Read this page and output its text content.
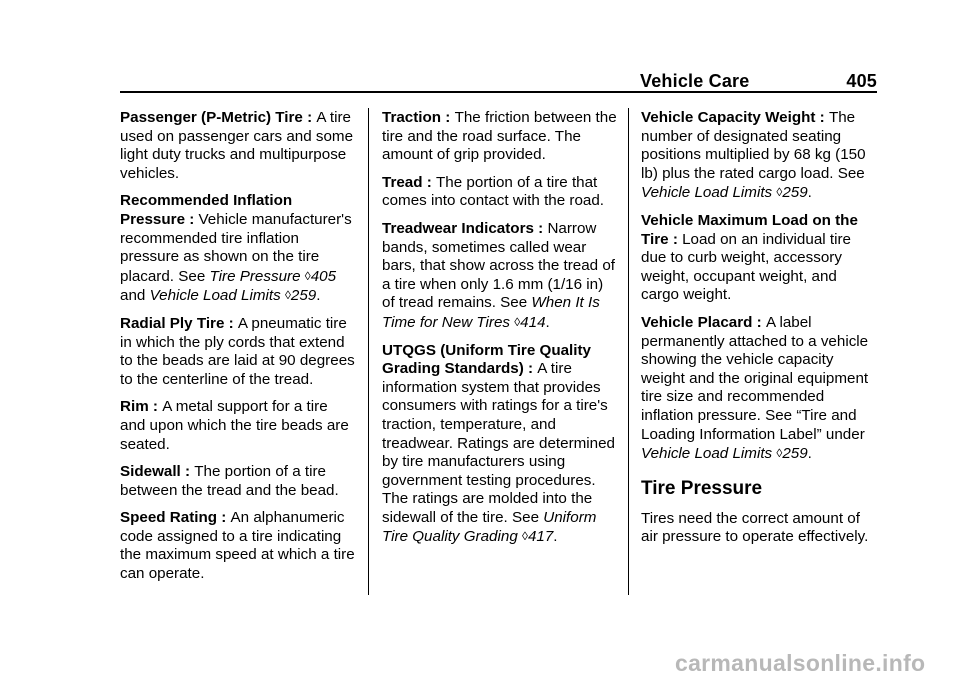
Vehicle Care	405

Passenger (P-Metric) Tire : A tire used on passenger cars and some light duty trucks and multipurpose vehicles.

Recommended Inflation Pressure : Vehicle manufacturer's recommended tire inflation pressure as shown on the tire placard. See Tire Pressure ◊405 and Vehicle Load Limits ◊259.

Radial Ply Tire : A pneumatic tire in which the ply cords that extend to the beads are laid at 90 degrees to the centerline of the tread.

Rim : A metal support for a tire and upon which the tire beads are seated.

Sidewall : The portion of a tire between the tread and the bead.

Speed Rating : An alphanumeric code assigned to a tire indicating the maximum speed at which a tire can operate.

Traction : The friction between the tire and the road surface. The amount of grip provided.

Tread : The portion of a tire that comes into contact with the road.

Treadwear Indicators : Narrow bands, sometimes called wear bars, that show across the tread of a tire when only 1.6 mm (1/16 in) of tread remains. See When It Is Time for New Tires ◊414.

UTQGS (Uniform Tire Quality Grading Standards) : A tire information system that provides consumers with ratings for a tire's traction, temperature, and treadwear. Ratings are determined by tire manufacturers using government testing procedures. The ratings are molded into the sidewall of the tire. See Uniform Tire Quality Grading ◊417.

Vehicle Capacity Weight : The number of designated seating positions multiplied by 68 kg (150 lb) plus the rated cargo load. See Vehicle Load Limits ◊259.

Vehicle Maximum Load on the Tire : Load on an individual tire due to curb weight, accessory weight, occupant weight, and cargo weight.

Vehicle Placard : A label permanently attached to a vehicle showing the vehicle capacity weight and the original equipment tire size and recommended inflation pressure. See “Tire and Loading Information Label” under Vehicle Load Limits ◊259.

Tire Pressure

Tires need the correct amount of air pressure to operate effectively.

carmanualsonline.info
